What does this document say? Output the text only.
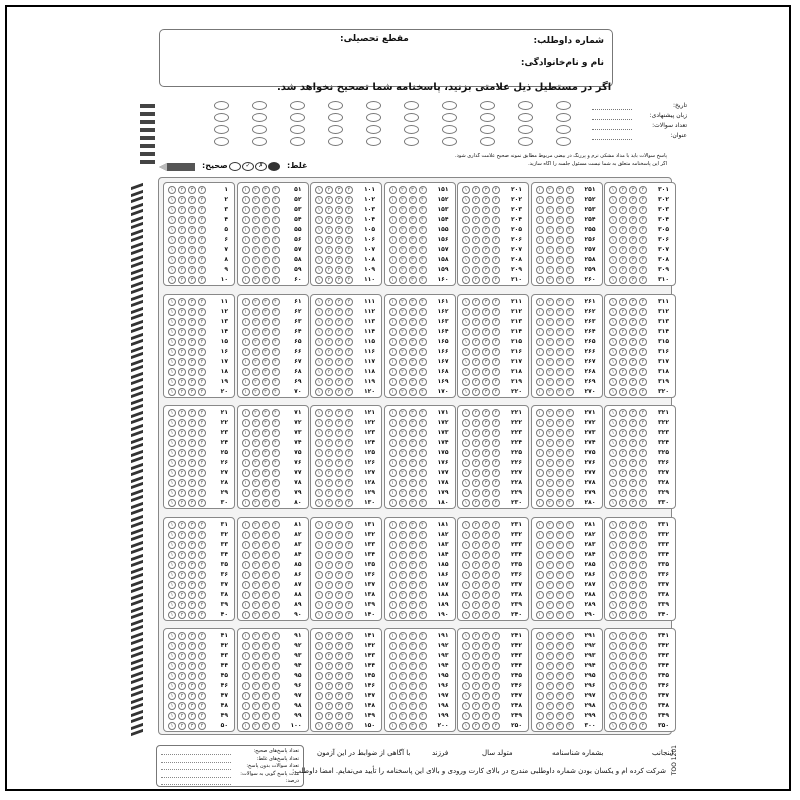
شماره داوطلب:
مقطع تحصیلی:
نام و نام‌خانوادگی:
اگر در مستطیل ذیل علامتی بزنید، پاسخنامه شما تصحیح نخواهد شد.
تاریخ:
زبان پیشنهادی:
تعداد سوالات:
عنوان:
پاسخ سوالات باید با مداد مشکی نرم و پررنگ در بیضی مربوط مطابق نمونه صحیح علامت گذاری شود.
اگر این پاسخنامه متعلق به شما نیست مسئول جلسه را آگاه سازید.
صحیح:	غلط:
✓	✗
۱
۱	۲	۳	۴
۲
۱	۲	۳	۴
۳
۱	۲	۳	۴
۴
۱	۲	۳	۴
۵
۱	۲	۳	۴
۶
۱	۲	۳	۴
۷
۱	۲	۳	۴
۸
۱	۲	۳	۴
۹
۱	۲	۳	۴
۱۰
۱	۲	۳	۴
۱۱
۱	۲	۳	۴
۱۲
۱	۲	۳	۴
۱۳
۱	۲	۳	۴
۱۴
۱	۲	۳	۴
۱۵
۱	۲	۳	۴
۱۶
۱	۲	۳	۴
۱۷
۱	۲	۳	۴
۱۸
۱	۲	۳	۴
۱۹
۱	۲	۳	۴
۲۰
۱	۲	۳	۴
۲۱
۱	۲	۳	۴
۲۲
۱	۲	۳	۴
۲۳
۱	۲	۳	۴
۲۴
۱	۲	۳	۴
۲۵
۱	۲	۳	۴
۲۶
۱	۲	۳	۴
۲۷
۱	۲	۳	۴
۲۸
۱	۲	۳	۴
۲۹
۱	۲	۳	۴
۳۰
۱	۲	۳	۴
۳۱
۱	۲	۳	۴
۳۲
۱	۲	۳	۴
۳۳
۱	۲	۳	۴
۳۴
۱	۲	۳	۴
۳۵
۱	۲	۳	۴
۳۶
۱	۲	۳	۴
۳۷
۱	۲	۳	۴
۳۸
۱	۲	۳	۴
۳۹
۱	۲	۳	۴
۴۰
۱	۲	۳	۴
۴۱
۱	۲	۳	۴
۴۲
۱	۲	۳	۴
۴۳
۱	۲	۳	۴
۴۴
۱	۲	۳	۴
۴۵
۱	۲	۳	۴
۴۶
۱	۲	۳	۴
۴۷
۱	۲	۳	۴
۴۸
۱	۲	۳	۴
۴۹
۱	۲	۳	۴
۵۰
۱	۲	۳	۴
۵۱
۱	۲	۳	۴
۵۲
۱	۲	۳	۴
۵۳
۱	۲	۳	۴
۵۴
۱	۲	۳	۴
۵۵
۱	۲	۳	۴
۵۶
۱	۲	۳	۴
۵۷
۱	۲	۳	۴
۵۸
۱	۲	۳	۴
۵۹
۱	۲	۳	۴
۶۰
۱	۲	۳	۴
۶۱
۱	۲	۳	۴
۶۲
۱	۲	۳	۴
۶۳
۱	۲	۳	۴
۶۴
۱	۲	۳	۴
۶۵
۱	۲	۳	۴
۶۶
۱	۲	۳	۴
۶۷
۱	۲	۳	۴
۶۸
۱	۲	۳	۴
۶۹
۱	۲	۳	۴
۷۰
۱	۲	۳	۴
۷۱
۱	۲	۳	۴
۷۲
۱	۲	۳	۴
۷۳
۱	۲	۳	۴
۷۴
۱	۲	۳	۴
۷۵
۱	۲	۳	۴
۷۶
۱	۲	۳	۴
۷۷
۱	۲	۳	۴
۷۸
۱	۲	۳	۴
۷۹
۱	۲	۳	۴
۸۰
۱	۲	۳	۴
۸۱
۱	۲	۳	۴
۸۲
۱	۲	۳	۴
۸۳
۱	۲	۳	۴
۸۴
۱	۲	۳	۴
۸۵
۱	۲	۳	۴
۸۶
۱	۲	۳	۴
۸۷
۱	۲	۳	۴
۸۸
۱	۲	۳	۴
۸۹
۱	۲	۳	۴
۹۰
۱	۲	۳	۴
۹۱
۱	۲	۳	۴
۹۲
۱	۲	۳	۴
۹۳
۱	۲	۳	۴
۹۴
۱	۲	۳	۴
۹۵
۱	۲	۳	۴
۹۶
۱	۲	۳	۴
۹۷
۱	۲	۳	۴
۹۸
۱	۲	۳	۴
۹۹
۱	۲	۳	۴
۱۰۰
۱	۲	۳	۴
۱۰۱
۱	۲	۳	۴
۱۰۲
۱	۲	۳	۴
۱۰۳
۱	۲	۳	۴
۱۰۴
۱	۲	۳	۴
۱۰۵
۱	۲	۳	۴
۱۰۶
۱	۲	۳	۴
۱۰۷
۱	۲	۳	۴
۱۰۸
۱	۲	۳	۴
۱۰۹
۱	۲	۳	۴
۱۱۰
۱	۲	۳	۴
۱۱۱
۱	۲	۳	۴
۱۱۲
۱	۲	۳	۴
۱۱۳
۱	۲	۳	۴
۱۱۴
۱	۲	۳	۴
۱۱۵
۱	۲	۳	۴
۱۱۶
۱	۲	۳	۴
۱۱۷
۱	۲	۳	۴
۱۱۸
۱	۲	۳	۴
۱۱۹
۱	۲	۳	۴
۱۲۰
۱	۲	۳	۴
۱۲۱
۱	۲	۳	۴
۱۲۲
۱	۲	۳	۴
۱۲۳
۱	۲	۳	۴
۱۲۴
۱	۲	۳	۴
۱۲۵
۱	۲	۳	۴
۱۲۶
۱	۲	۳	۴
۱۲۷
۱	۲	۳	۴
۱۲۸
۱	۲	۳	۴
۱۲۹
۱	۲	۳	۴
۱۳۰
۱	۲	۳	۴
۱۳۱
۱	۲	۳	۴
۱۳۲
۱	۲	۳	۴
۱۳۳
۱	۲	۳	۴
۱۳۴
۱	۲	۳	۴
۱۳۵
۱	۲	۳	۴
۱۳۶
۱	۲	۳	۴
۱۳۷
۱	۲	۳	۴
۱۳۸
۱	۲	۳	۴
۱۳۹
۱	۲	۳	۴
۱۴۰
۱	۲	۳	۴
۱۴۱
۱	۲	۳	۴
۱۴۲
۱	۲	۳	۴
۱۴۳
۱	۲	۳	۴
۱۴۴
۱	۲	۳	۴
۱۴۵
۱	۲	۳	۴
۱۴۶
۱	۲	۳	۴
۱۴۷
۱	۲	۳	۴
۱۴۸
۱	۲	۳	۴
۱۴۹
۱	۲	۳	۴
۱۵۰
۱	۲	۳	۴
۱۵۱
۱	۲	۳	۴
۱۵۲
۱	۲	۳	۴
۱۵۳
۱	۲	۳	۴
۱۵۴
۱	۲	۳	۴
۱۵۵
۱	۲	۳	۴
۱۵۶
۱	۲	۳	۴
۱۵۷
۱	۲	۳	۴
۱۵۸
۱	۲	۳	۴
۱۵۹
۱	۲	۳	۴
۱۶۰
۱	۲	۳	۴
۱۶۱
۱	۲	۳	۴
۱۶۲
۱	۲	۳	۴
۱۶۳
۱	۲	۳	۴
۱۶۴
۱	۲	۳	۴
۱۶۵
۱	۲	۳	۴
۱۶۶
۱	۲	۳	۴
۱۶۷
۱	۲	۳	۴
۱۶۸
۱	۲	۳	۴
۱۶۹
۱	۲	۳	۴
۱۷۰
۱	۲	۳	۴
۱۷۱
۱	۲	۳	۴
۱۷۲
۱	۲	۳	۴
۱۷۳
۱	۲	۳	۴
۱۷۴
۱	۲	۳	۴
۱۷۵
۱	۲	۳	۴
۱۷۶
۱	۲	۳	۴
۱۷۷
۱	۲	۳	۴
۱۷۸
۱	۲	۳	۴
۱۷۹
۱	۲	۳	۴
۱۸۰
۱	۲	۳	۴
۱۸۱
۱	۲	۳	۴
۱۸۲
۱	۲	۳	۴
۱۸۳
۱	۲	۳	۴
۱۸۴
۱	۲	۳	۴
۱۸۵
۱	۲	۳	۴
۱۸۶
۱	۲	۳	۴
۱۸۷
۱	۲	۳	۴
۱۸۸
۱	۲	۳	۴
۱۸۹
۱	۲	۳	۴
۱۹۰
۱	۲	۳	۴
۱۹۱
۱	۲	۳	۴
۱۹۲
۱	۲	۳	۴
۱۹۳
۱	۲	۳	۴
۱۹۴
۱	۲	۳	۴
۱۹۵
۱	۲	۳	۴
۱۹۶
۱	۲	۳	۴
۱۹۷
۱	۲	۳	۴
۱۹۸
۱	۲	۳	۴
۱۹۹
۱	۲	۳	۴
۲۰۰
۱	۲	۳	۴
۲۰۱
۱	۲	۳	۴
۲۰۲
۱	۲	۳	۴
۲۰۳
۱	۲	۳	۴
۲۰۴
۱	۲	۳	۴
۲۰۵
۱	۲	۳	۴
۲۰۶
۱	۲	۳	۴
۲۰۷
۱	۲	۳	۴
۲۰۸
۱	۲	۳	۴
۲۰۹
۱	۲	۳	۴
۲۱۰
۱	۲	۳	۴
۲۱۱
۱	۲	۳	۴
۲۱۲
۱	۲	۳	۴
۲۱۳
۱	۲	۳	۴
۲۱۴
۱	۲	۳	۴
۲۱۵
۱	۲	۳	۴
۲۱۶
۱	۲	۳	۴
۲۱۷
۱	۲	۳	۴
۲۱۸
۱	۲	۳	۴
۲۱۹
۱	۲	۳	۴
۲۲۰
۱	۲	۳	۴
۲۲۱
۱	۲	۳	۴
۲۲۲
۱	۲	۳	۴
۲۲۳
۱	۲	۳	۴
۲۲۴
۱	۲	۳	۴
۲۲۵
۱	۲	۳	۴
۲۲۶
۱	۲	۳	۴
۲۲۷
۱	۲	۳	۴
۲۲۸
۱	۲	۳	۴
۲۲۹
۱	۲	۳	۴
۲۳۰
۱	۲	۳	۴
۲۳۱
۱	۲	۳	۴
۲۳۲
۱	۲	۳	۴
۲۳۳
۱	۲	۳	۴
۲۳۴
۱	۲	۳	۴
۲۳۵
۱	۲	۳	۴
۲۳۶
۱	۲	۳	۴
۲۳۷
۱	۲	۳	۴
۲۳۸
۱	۲	۳	۴
۲۳۹
۱	۲	۳	۴
۲۴۰
۱	۲	۳	۴
۲۴۱
۱	۲	۳	۴
۲۴۲
۱	۲	۳	۴
۲۴۳
۱	۲	۳	۴
۲۴۴
۱	۲	۳	۴
۲۴۵
۱	۲	۳	۴
۲۴۶
۱	۲	۳	۴
۲۴۷
۱	۲	۳	۴
۲۴۸
۱	۲	۳	۴
۲۴۹
۱	۲	۳	۴
۲۵۰
۱	۲	۳	۴
۲۵۱
۱	۲	۳	۴
۲۵۲
۱	۲	۳	۴
۲۵۳
۱	۲	۳	۴
۲۵۴
۱	۲	۳	۴
۲۵۵
۱	۲	۳	۴
۲۵۶
۱	۲	۳	۴
۲۵۷
۱	۲	۳	۴
۲۵۸
۱	۲	۳	۴
۲۵۹
۱	۲	۳	۴
۲۶۰
۱	۲	۳	۴
۲۶۱
۱	۲	۳	۴
۲۶۲
۱	۲	۳	۴
۲۶۳
۱	۲	۳	۴
۲۶۴
۱	۲	۳	۴
۲۶۵
۱	۲	۳	۴
۲۶۶
۱	۲	۳	۴
۲۶۷
۱	۲	۳	۴
۲۶۸
۱	۲	۳	۴
۲۶۹
۱	۲	۳	۴
۲۷۰
۱	۲	۳	۴
۲۷۱
۱	۲	۳	۴
۲۷۲
۱	۲	۳	۴
۲۷۳
۱	۲	۳	۴
۲۷۴
۱	۲	۳	۴
۲۷۵
۱	۲	۳	۴
۲۷۶
۱	۲	۳	۴
۲۷۷
۱	۲	۳	۴
۲۷۸
۱	۲	۳	۴
۲۷۹
۱	۲	۳	۴
۲۸۰
۱	۲	۳	۴
۲۸۱
۱	۲	۳	۴
۲۸۲
۱	۲	۳	۴
۲۸۳
۱	۲	۳	۴
۲۸۴
۱	۲	۳	۴
۲۸۵
۱	۲	۳	۴
۲۸۶
۱	۲	۳	۴
۲۸۷
۱	۲	۳	۴
۲۸۸
۱	۲	۳	۴
۲۸۹
۱	۲	۳	۴
۲۹۰
۱	۲	۳	۴
۲۹۱
۱	۲	۳	۴
۲۹۲
۱	۲	۳	۴
۲۹۳
۱	۲	۳	۴
۲۹۴
۱	۲	۳	۴
۲۹۵
۱	۲	۳	۴
۲۹۶
۱	۲	۳	۴
۲۹۷
۱	۲	۳	۴
۲۹۸
۱	۲	۳	۴
۲۹۹
۱	۲	۳	۴
۳۰۰
۱	۲	۳	۴
۳۰۱
۱	۲	۳	۴
۳۰۲
۱	۲	۳	۴
۳۰۳
۱	۲	۳	۴
۳۰۴
۱	۲	۳	۴
۳۰۵
۱	۲	۳	۴
۳۰۶
۱	۲	۳	۴
۳۰۷
۱	۲	۳	۴
۳۰۸
۱	۲	۳	۴
۳۰۹
۱	۲	۳	۴
۳۱۰
۱	۲	۳	۴
۳۱۱
۱	۲	۳	۴
۳۱۲
۱	۲	۳	۴
۳۱۳
۱	۲	۳	۴
۳۱۴
۱	۲	۳	۴
۳۱۵
۱	۲	۳	۴
۳۱۶
۱	۲	۳	۴
۳۱۷
۱	۲	۳	۴
۳۱۸
۱	۲	۳	۴
۳۱۹
۱	۲	۳	۴
۳۲۰
۱	۲	۳	۴
۳۲۱
۱	۲	۳	۴
۳۲۲
۱	۲	۳	۴
۳۲۳
۱	۲	۳	۴
۳۲۴
۱	۲	۳	۴
۳۲۵
۱	۲	۳	۴
۳۲۶
۱	۲	۳	۴
۳۲۷
۱	۲	۳	۴
۳۲۸
۱	۲	۳	۴
۳۲۹
۱	۲	۳	۴
۳۳۰
۱	۲	۳	۴
۳۳۱
۱	۲	۳	۴
۳۳۲
۱	۲	۳	۴
۳۳۳
۱	۲	۳	۴
۳۳۴
۱	۲	۳	۴
۳۳۵
۱	۲	۳	۴
۳۳۶
۱	۲	۳	۴
۳۳۷
۱	۲	۳	۴
۳۳۸
۱	۲	۳	۴
۳۳۹
۱	۲	۳	۴
۳۴۰
۱	۲	۳	۴
۳۴۱
۱	۲	۳	۴
۳۴۲
۱	۲	۳	۴
۳۴۳
۱	۲	۳	۴
۳۴۴
۱	۲	۳	۴
۳۴۵
۱	۲	۳	۴
۳۴۶
۱	۲	۳	۴
۳۴۷
۱	۲	۳	۴
۳۴۸
۱	۲	۳	۴
۳۴۹
۱	۲	۳	۴
۳۵۰
۱	۲	۳	۴
تعداد پاسخ‌های صحیح:
تعداد پاسخ‌های غلط:
تعداد سوالات بدون پاسخ:
مدت پاسخ گویی به سوالات:
درصد:
اینجانب
بشماره شناسنامه
متولد سال
فرزند
با آگاهی از ضوابط در این آزمون
شرکت کرده ام و یکسان بودن شماره داوطلبی مندرج در بالای کارت ورودی و بالای این پاسخنامه را تأیید می‌نمایم. امضا داوطلب: TOO 1201
